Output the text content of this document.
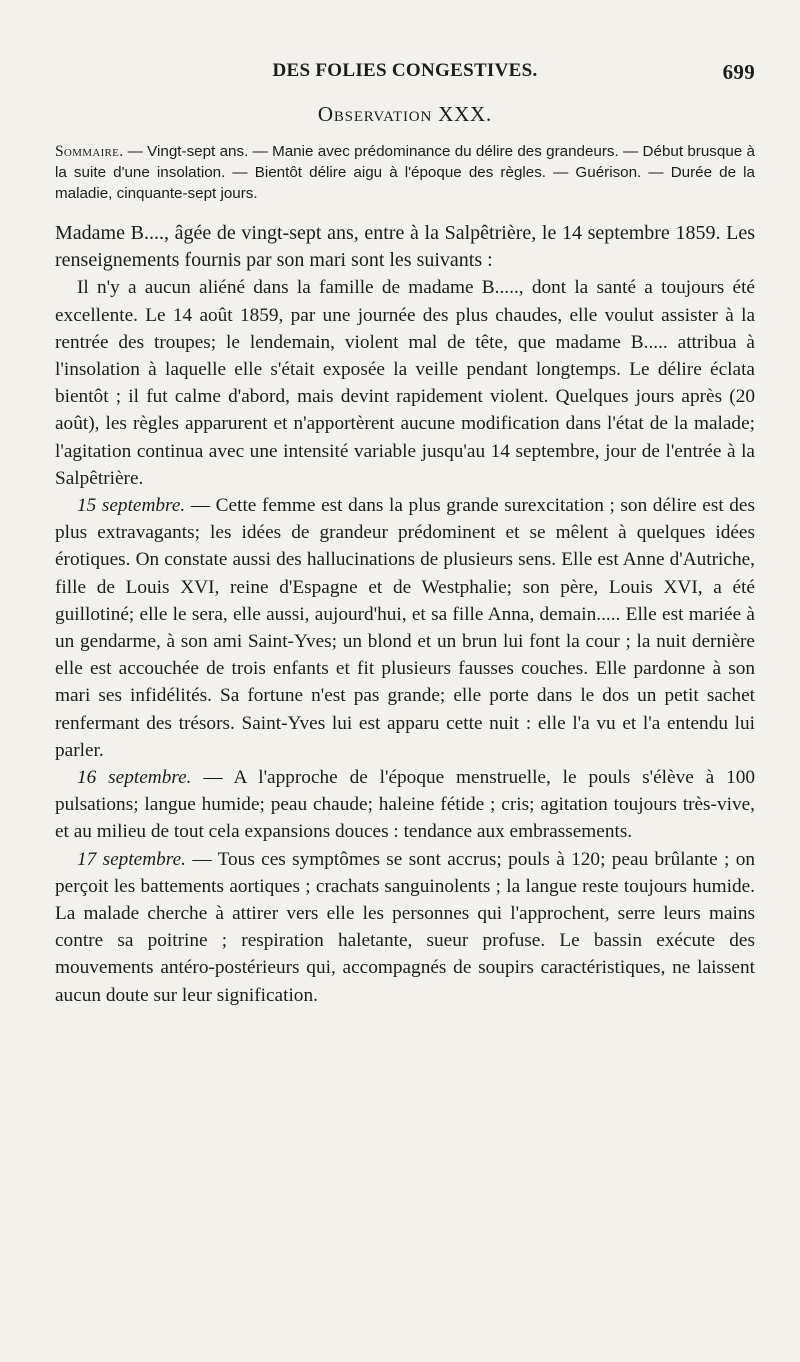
DES FOLIES CONGESTIVES.	699
Observation XXX.

Sommaire. — Vingt-sept ans. — Manie avec prédominance du délire des grandeurs. — Début brusque à la suite d'une insolation. — Bientôt délire aigu à l'époque des règles. — Guérison. — Durée de la maladie, cinquante-sept jours.

Madame B...., âgée de vingt-sept ans, entre à la Salpêtrière, le 14 septembre 1859. Les renseignements fournis par son mari sont les suivants :

Il n'y a aucun aliéné dans la famille de madame B....., dont la santé a toujours été excellente. Le 14 août 1859, par une journée des plus chaudes, elle voulut assister à la rentrée des troupes; le lendemain, violent mal de tête, que madame B..... attribua à l'insolation à laquelle elle s'était exposée la veille pendant longtemps. Le délire éclata bientôt ; il fut calme d'abord, mais devint rapidement violent. Quelques jours après (20 août), les règles apparurent et n'apportèrent aucune modification dans l'état de la malade; l'agitation continua avec une intensité variable jusqu'au 14 septembre, jour de l'entrée à la Salpêtrière.

15 septembre. — Cette femme est dans la plus grande surexcitation ; son délire est des plus extravagants; les idées de grandeur prédominent et se mêlent à quelques idées érotiques. On constate aussi des hallucinations de plusieurs sens. Elle est Anne d'Autriche, fille de Louis XVI, reine d'Espagne et de Westphalie; son père, Louis XVI, a été guillotiné; elle le sera, elle aussi, aujourd'hui, et sa fille Anna, demain..... Elle est mariée à un gendarme, à son ami Saint-Yves; un blond et un brun lui font la cour ; la nuit dernière elle est accouchée de trois enfants et fit plusieurs fausses couches. Elle pardonne à son mari ses infidélités. Sa fortune n'est pas grande; elle porte dans le dos un petit sachet renfermant des trésors. Saint-Yves lui est apparu cette nuit : elle l'a vu et l'a entendu lui parler.

16 septembre. — A l'approche de l'époque menstruelle, le pouls s'élève à 100 pulsations; langue humide; peau chaude; haleine fétide ; cris; agitation toujours très-vive, et au milieu de tout cela expansions douces : tendance aux embrassements.

17 septembre. — Tous ces symptômes se sont accrus; pouls à 120; peau brûlante ; on perçoit les battements aortiques ; crachats sanguinolents ; la langue reste toujours humide. La malade cherche à attirer vers elle les personnes qui l'approchent, serre leurs mains contre sa poitrine ; respiration haletante, sueur profuse. Le bassin exécute des mouvements antéro-postérieurs qui, accompagnés de soupirs caractéristiques, ne laissent aucun doute sur leur signification.
